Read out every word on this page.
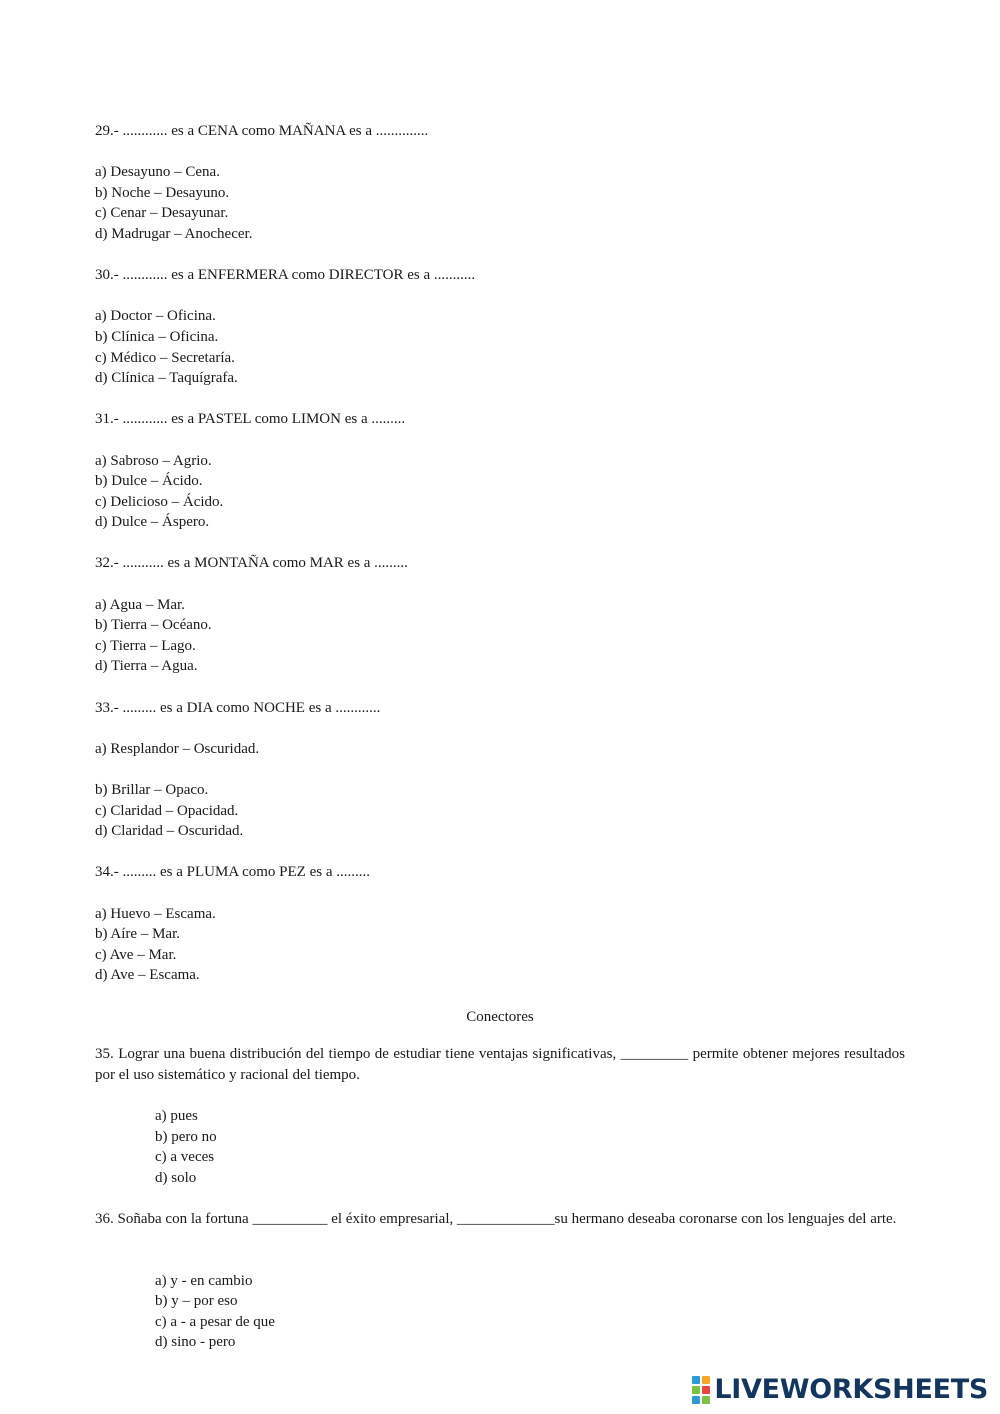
29.- ............ es a CENA como MAÑANA es a ..............

a) Desayuno – Cena.
b) Noche – Desayuno.
c) Cenar – Desayunar.
d) Madrugar – Anochecer.

30.- ............ es a ENFERMERA como DIRECTOR es a ...........

a) Doctor – Oficina.
b) Clínica – Oficina.
c) Médico – Secretaría.
d) Clínica – Taquígrafa.

31.- ............ es a PASTEL como LIMON es a .........

a) Sabroso – Agrio.
b) Dulce – Ácido.
c) Delicioso – Ácido.
d) Dulce – Áspero.

32.- ........... es a MONTAÑA como MAR es a .........

a) Agua – Mar.
b) Tierra – Océano.
c) Tierra – Lago.
d) Tierra – Agua.

33.- ......... es a DIA como NOCHE es a ............

a) Resplandor – Oscuridad.
b) Brillar – Opaco.
c) Claridad – Opacidad.
d) Claridad – Oscuridad.

34.- ......... es a PLUMA como PEZ es a .........

a) Huevo – Escama.
b) Aíre – Mar.
c) Ave – Mar.
d) Ave – Escama.

Conectores

35. Lograr una buena distribución del tiempo de estudiar tiene ventajas significativas, _________ permite obtener mejores resultados por el uso sistemático y racional del tiempo.

a) pues
b) pero no
c) a veces
d) solo

36. Soñaba con la fortuna __________ el éxito empresarial, _____________su hermano deseaba coronarse con los lenguajes del arte.

a) y - en cambio
b) y – por eso
c) a - a pesar de que
d) sino - pero
LIVEWORKSHEETS
